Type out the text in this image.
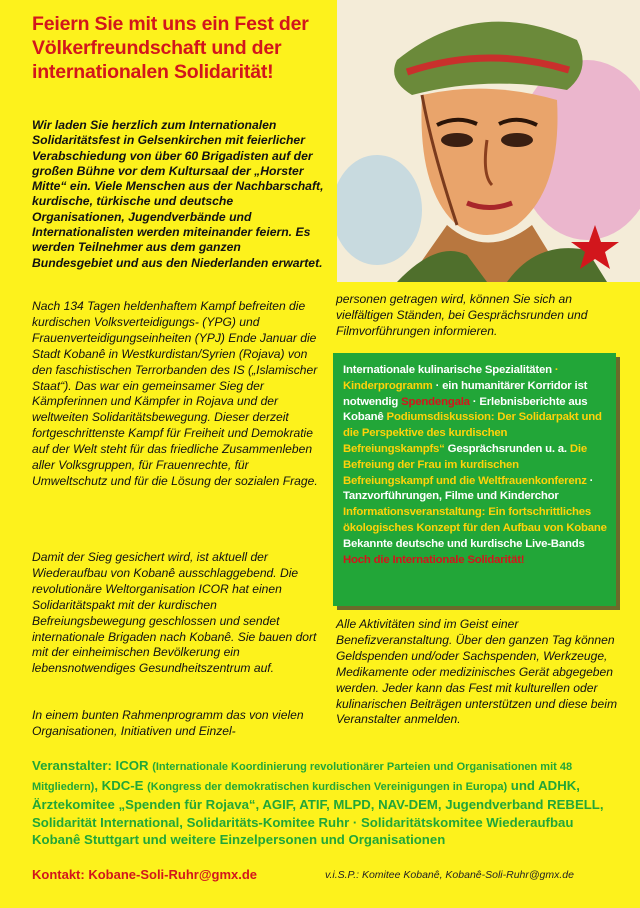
Feiern Sie mit uns ein Fest der Völkerfreundschaft und der internationalen Solidarität!

Wir laden Sie herzlich zum Internationalen Solidaritätsfest in Gelsenkirchen mit feierlicher Verabschiedung von über 60 Brigadisten auf der großen Bühne vor dem Kultursaal der „Horster Mitte“ ein. Viele Menschen aus der Nachbarschaft, kurdische, türkische und deutsche Organisationen, Jugendverbände und Internationalisten werden miteinander feiern. Es werden Teilnehmer aus dem ganzen Bundesgebiet und aus den Niederlanden erwartet.

Nach 134 Tagen heldenhaftem Kampf befreiten die kurdischen Volksverteidigungs- (YPG) und Frauenverteidigungseinheiten (YPJ) Ende Januar die Stadt Kobanê in Westkurdistan/Syrien (Rojava) von den faschistischen Terrorbanden des IS („Islamischer Staat“). Das war ein gemeinsamer Sieg der Kämpferinnen und Kämpfer in Rojava und der weltweiten Solidaritätsbewegung. Dieser derzeit fortgeschrittenste Kampf für Freiheit und Demokratie auf der Welt steht für das friedliche Zusammenleben aller Volksgruppen, für Frauenrechte, für Umweltschutz und für die Lösung der sozialen Frage.

Damit der Sieg gesichert wird, ist aktuell der Wiederaufbau von Kobanê ausschlaggebend. Die revolutionäre Weltorganisation ICOR hat einen Solidaritätspakt mit der kurdischen Befreiungsbewegung geschlossen und sendet internationale Brigaden nach Kobanê. Sie bauen dort mit der einheimischen Bevölkerung ein lebensnotwendiges Gesundheitszentrum auf.

In einem bunten Rahmenprogramm das von vielen Organisationen, Initiativen und Einzel-

personen getragen wird, können Sie sich an vielfältigen Ständen, bei Gesprächsrunden und Filmvorführungen informieren.

Internationale kulinarische Spezialitäten · Kinderprogramm · ein humanitärer Korridor ist notwendig Spendengala · Erlebnisberichte aus Kobanê Podiumsdiskussion: Der Solidarpakt und die Perspektive des kurdischen Befreiungskampfs“ Gesprächsrunden u. a. Die Befreiung der Frau im kurdischen Befreiungskampf und die Weltfrauenkonferenz · Tanzvorführungen, Filme und Kinderchor Informationsveranstaltung: Ein fortschrittliches ökologisches Konzept für den Aufbau von Kobane Bekannte deutsche und kurdische Live-Bands Hoch die Internationale Solidarität!

Alle Aktivitäten sind im Geist einer Benefizveranstaltung. Über den ganzen Tag können Geldspenden und/oder Sachspenden, Werkzeuge, Medikamente oder medizinisches Gerät abgegeben werden. Jeder kann das Fest mit kulturellen oder kulinarischen Beiträgen unterstützen und diese beim Veranstalter anmelden.

Veranstalter: ICOR (Internationale Koordinierung revolutionärer Parteien und Organisationen mit 48 Mitgliedern), KDC-E (Kongress der demokratischen kurdischen Vereinigungen in Europa) und ADHK, Ärztekomitee „Spenden für Rojava“, AGIF, ATIF, MLPD, NAV-DEM, Jugendverband REBELL, Solidarität International, Solidaritäts-Komitee Ruhr · Solidaritätskomitee Wiederaufbau Kobanê Stuttgart und weitere Einzelpersonen und Organisationen

Kontakt: Kobane-Soli-Ruhr@gmx.de	v.i.S.P.: Komitee Kobanê, Kobanê-Soli-Ruhr@gmx.de
